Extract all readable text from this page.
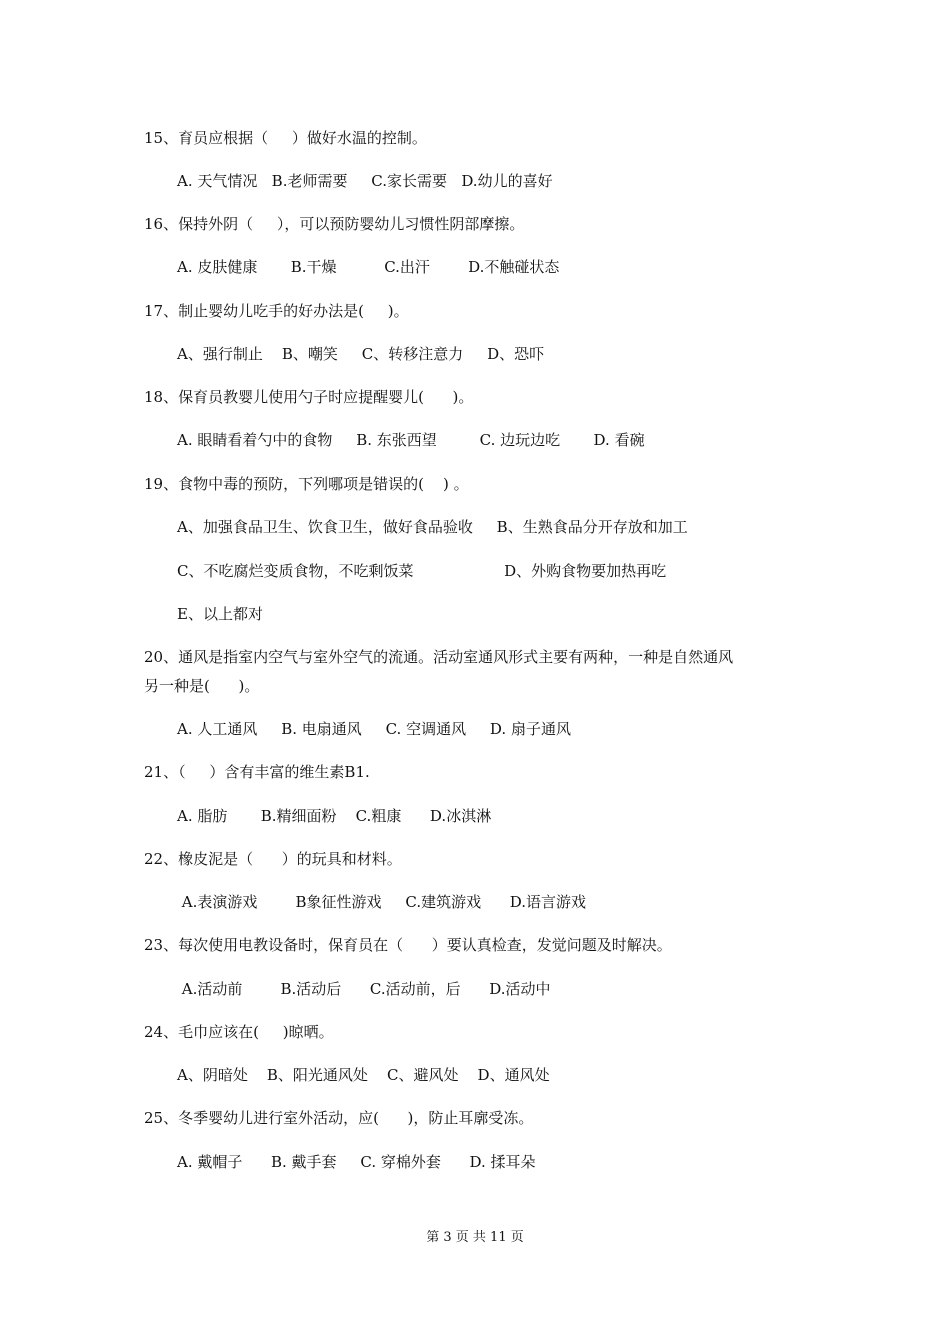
15、育员应根据（     ）做好水温的控制。
A. 天气情况   B.老师需要     C.家长需要   D.幼儿的喜好
16、保持外阴（     ），可以预防婴幼儿习惯性阴部摩擦。
A. 皮肤健康       B.干燥          C.出汗        D.不触碰状态
17、制止婴幼儿吃手的好办法是(     )。
A、强行制止    B、嘲笑     C、转移注意力     D、恐吓
18、保育员教婴儿使用勺子时应提醒婴儿(      )。
A. 眼睛看着勺中的食物     B. 东张西望         C. 边玩边吃       D. 看碗
19、食物中毒的预防，下列哪项是错误的(    ) 。
A、加强食品卫生、饮食卫生，做好食品验收     B、生熟食品分开存放和加工
C、不吃腐烂变质食物，不吃剩饭菜                   D、外购食物要加热再吃
E、以上都对
20、通风是指室内空气与室外空气的流通。活动室通风形式主要有两种，一种是自然通风
另一种是(      )。
A. 人工通风     B. 电扇通风     C. 空调通风     D. 扇子通风
21、（     ）含有丰富的维生素B1.
A. 脂肪       B.精细面粉    C.粗康      D.冰淇淋
22、橡皮泥是（      ）的玩具和材料。
A.表演游戏        B象征性游戏     C.建筑游戏      D.语言游戏
23、每次使用电教设备时，保育员在（      ）要认真检查，发觉问题及时解决。
A.活动前        B.活动后      C.活动前，后      D.活动中
24、毛巾应该在(     )晾晒。
A、阴暗处    B、阳光通风处    C、避风处    D、通风处
25、冬季婴幼儿进行室外活动，应(      )，防止耳廓受冻。
A. 戴帽子      B. 戴手套     C. 穿棉外套      D. 揉耳朵
第 3 页 共 11 页
